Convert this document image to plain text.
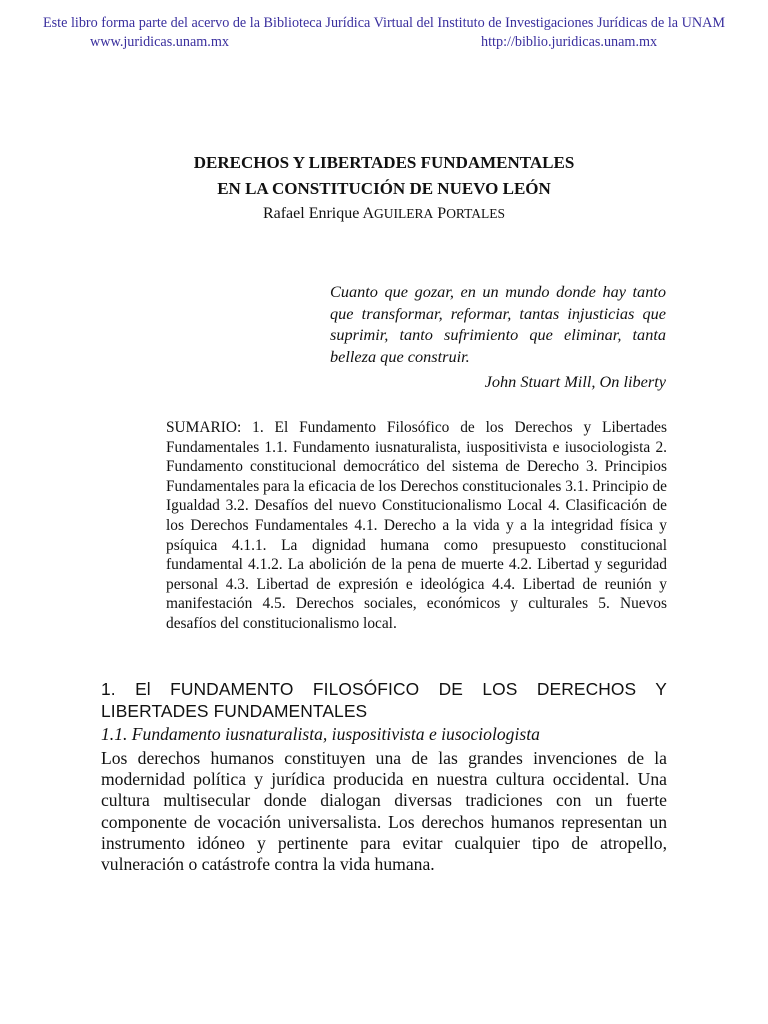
Este libro forma parte del acervo de la Biblioteca Jurídica Virtual del Instituto de Investigaciones Jurídicas de la UNAM
www.juridicas.unam.mx	http://biblio.juridicas.unam.mx
DERECHOS Y LIBERTADES FUNDAMENTALES
EN LA CONSTITUCIÓN DE NUEVO LEÓN
Rafael Enrique AGUILERA PORTALES
Cuanto que gozar, en un mundo donde hay tanto que transformar, reformar, tantas injusticias que suprimir, tanto sufrimiento que eliminar, tanta belleza que construir.
John Stuart Mill, On liberty
SUMARIO: 1. El Fundamento Filosófico de los Derechos y Libertades Fundamentales 1.1. Fundamento iusnaturalista, iuspositivista e iusociologista 2. Fundamento constitucional democrático del sistema de Derecho 3. Principios Fundamentales para la eficacia de los Derechos constitucionales 3.1. Principio de Igualdad 3.2. Desafíos del nuevo Constitucionalismo Local 4. Clasificación de los Derechos Fundamentales 4.1. Derecho a la vida y a la integridad física y psíquica 4.1.1. La dignidad humana como presupuesto constitucional fundamental 4.1.2. La abolición de la pena de muerte 4.2. Libertad y seguridad personal 4.3. Libertad de expresión e ideológica 4.4. Libertad de reunión y manifestación 4.5. Derechos sociales, económicos y culturales 5. Nuevos desafíos del constitucionalismo local.
1. El FUNDAMENTO FILOSÓFICO DE LOS DERECHOS Y LIBERTADES FUNDAMENTALES
1.1. Fundamento iusnaturalista, iuspositivista e iusociologista

Los derechos humanos constituyen una de las grandes invenciones de la modernidad política y jurídica producida en nuestra cultura occidental. Una cultura multisecular donde dialogan diversas tradiciones con un fuerte componente de vocación universalista. Los derechos humanos representan un instrumento idóneo y pertinente para evitar cualquier tipo de atropello, vulneración o catástrofe contra la vida humana.
